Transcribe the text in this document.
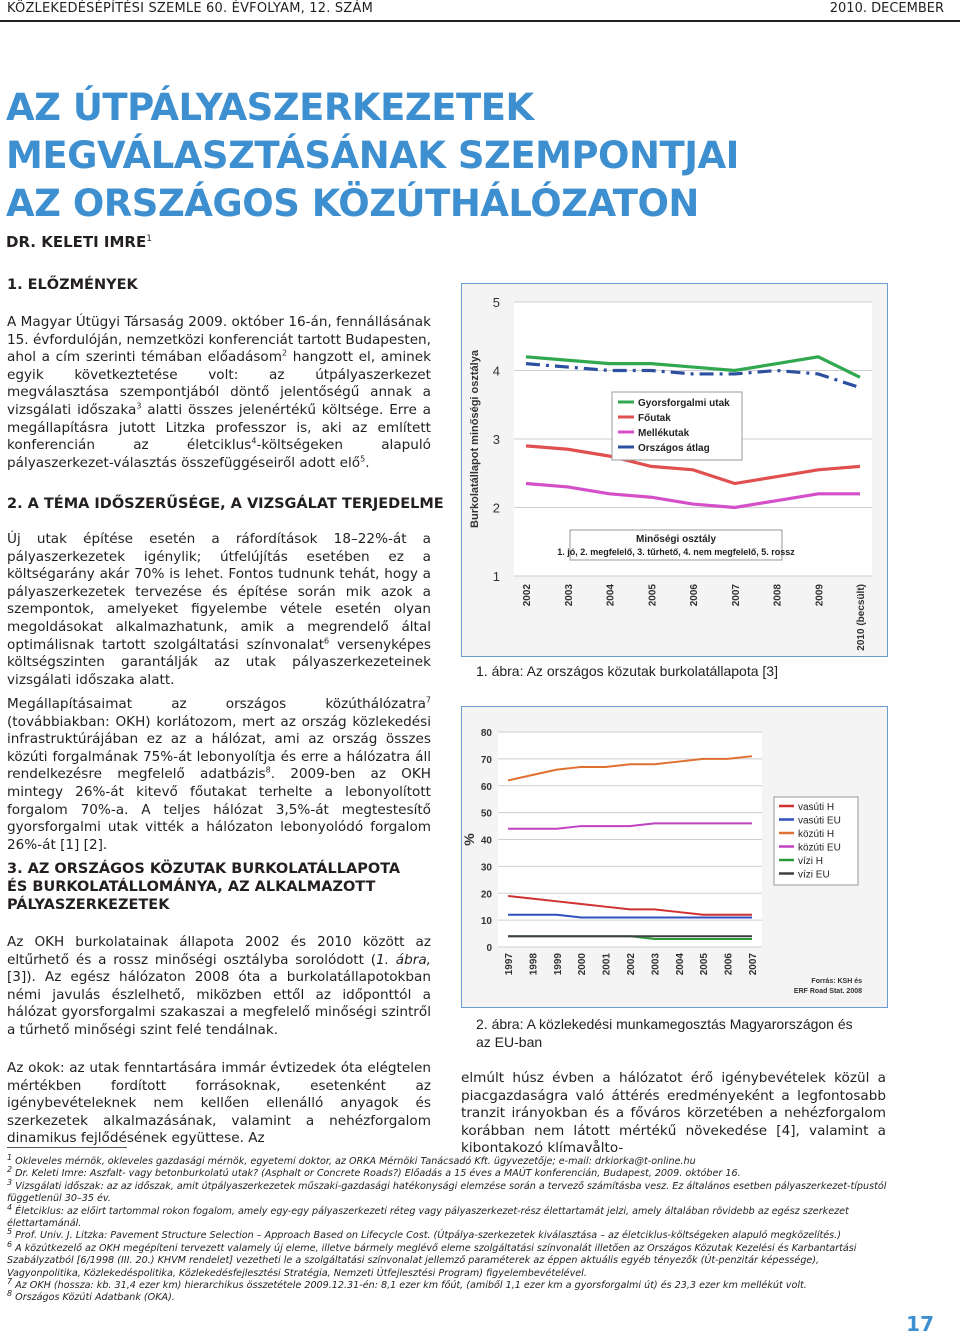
KÖZLEKEDÉSÉPÍTÉSI SZEMLE 60. ÉVFOLYAM, 12. SZÁM	2010. DECEMBER
AZ ÚTPÁLYASZERKEZETEK
MEGVÁLASZTÁSÁNAK SZEMPONTJAI
AZ ORSZÁGOS KÖZÚTHÁLÓZATON
DR. KELETI IMRE$^1$
1. ELŐZMÉNYEK

A Magyar Útügyi Társaság 2009. október 16-án, fennállásának 15. évfordulóján, nemzetközi konferenciát tartott Budapesten, ahol a cím szerinti témában előadásom$^2$ hangzott el, aminek egyik következtetése volt: az útpályaszerkezet megválasztása szempontjából döntő jelentőségű annak a vizsgálati időszaka$^3$ alatti összes jelenértékű költsége. Erre a megállapításra jutott Litzka professzor is, aki az említett konferencián az életciklus$^4$-költségeken alapuló pályaszerkezet-választás összefüggéseiről adott elő$^5$.

2. A TÉMA IDŐSZERŰSÉGE, A VIZSGÁLAT TERJEDELME

Új utak építése esetén a ráfordítások 18–22%-át a pályaszerkezetek igénylik; útfelújítás esetében ez a költségarány akár 70% is lehet. Fontos tudnunk tehát, hogy a pályaszerkezetek tervezése és építése során mik azok a szempontok, amelyeket figyelembe vétele esetén olyan megoldásokat alkalmazhatunk, amik a megrendelő által optimálisnak tartott szolgáltatási színvonalat$^6$ versenyképes költségszinten garantálják az utak pályaszerkezeteinek vizsgálati időszaka alatt.

Megállapításaimat az országos közúthálózatra$^7$ (továbbiakban: OKH) korlátozom, mert az ország közlekedési infrastruktúrájában ez az a hálózat, ami az ország összes közúti forgalmának 75%-át lebonyolítja és erre a hálózatra áll rendelkezésre megfelelő adatbázis$^8$. 2009-ben az OKH mintegy 26%-át kitevő főutakat terhelte a lebonyolított forgalom 70%-a. A teljes hálózat 3,5%-át megtestesítő gyorsforgalmi utak vitték a hálózaton lebonyolódó forgalom 26%-át [1] [2].

3. AZ ORSZÁGOS KÖZUTAK BURKOLATÁLLAPOTA
ÉS BURKOLATÁLLOMÁNYA, AZ ALKALMAZOTT
PÁLYASZERKEZETEK

Az OKH burkolatainak állapota 2002 és 2010 között az eltűrhető és a rossz minőségi osztályba sorolódott (1. ábra, [3]). Az egész hálózaton 2008 óta a burkolatállapotokban némi javulás észlelhető, miközben ettől az időponttól a hálózat gyorsforgalmi szakaszai a megfelelő minőségi szintről a tűrhető minőségi szint felé tendálnak.

Az okok: az utak fenntartására immár évtizedek óta elégtelen mértékben fordított forrásoknak, esetenként az igénybevételeknek nem kellően ellenálló anyagok és szerkezetek alkalmazásának, valamint a nehézforgalom dinamikus fejlődésének együttese. Az

1
2
3
4
5
2002	2003	2004	2005	2006	2007	2008	2009	2010 (becsült)
Burkolatállapot minőségi osztálya	Gyorsforgalmi utak
Főutak
Mellékutak
Országos átlag
Minőségi osztály
1. jó, 2. megfelelő, 3. tűrhető, 4. nem megfelelő, 5. rossz
1. ábra: Az országos közutak burkolatállapota [3]
0
10
20
30
40
50
60
70
80
1997 1998 1999 2000 2001 2002 2003 2004 2005 2006 2007
%
vasúti H
vasúti EU
közúti H
közúti EU
vízi H
vízi EU
Forrás: KSH és
ERF Road Stat. 2008
2. ábra: A közlekedési munkamegosztás Magyarországon és az EU-ban

elmúlt húsz évben a hálózatot érő igénybevételek közül a piacgazdaságra való áttérés eredményeként a legfontosabb tranzit irányokban és a főváros körzetében a nehézforgalom korábban nem látott mértékű növekedése [4], valamint a kibontakozó klímavålto-

$^1$ Okleveles mérnök, okleveles gazdasági mérnök, egyetemi doktor, az ORKA Mérnöki Tanácsadó Kft. ügyvezetője; e-mail: drkiorka@t-online.hu
$^2$ Dr. Keleti Imre: Aszfalt- vagy betonburkolatú utak? (Asphalt or Concrete Roads?) Előadás a 15 éves a MAÚT konferencián, Budapest, 2009. október 16.
$^3$ Vizsgálati időszak: az az időszak, amit útpályaszerkezetek műszaki-gazdasági hatékonysági elemzése során a tervező számításba vesz. Ez általános esetben pályaszerkezet-típustól függetlenül 30–35 év.
$^4$ Életciklus: az előirt tartommal rokon fogalom, amely egy-egy pályaszerkezeti réteg vagy pályaszerkezet-rész élettartamát jelzi, amely általában rövidebb az egész szerkezet élettartamánál.
$^5$ Prof. Univ. J. Litzka: Pavement Structure Selection – Approach Based on Lifecycle Cost. (Útpálya-szerkezetek kiválasztása – az életciklus-költségeken alapuló megközelítés.)
$^6$ A közútkezelő az OKH megépíteni tervezett valamely új eleme, illetve bármely meglévő eleme szolgáltatási színvonalát illetően az Országos Közutak Kezelési és Karbantartási Szabályzatból [6/1998 (III. 20.) KHVM rendelet] vezetheti le a szolgáltatási színvonalat jellemző paraméterek az éppen aktuális egyéb tényezők (Út-penzitár képessége), Vagyonpolitika, Közlekedéspolitika, Közlekedésfejlesztési Stratégia, Nemzeti Útfejlesztési Program) figyelembevételével.
$^7$ Az OKH (hossza: kb. 31,4 ezer km) hierarchikus összetétele 2009.12.31-én: 8,1 ezer km főút, (amiből 1,1 ezer km a gyorsforgalmi út) és 23,3 ezer km mellékút volt.
$^8$ Országos Közúti Adatbank (OKA).
17
